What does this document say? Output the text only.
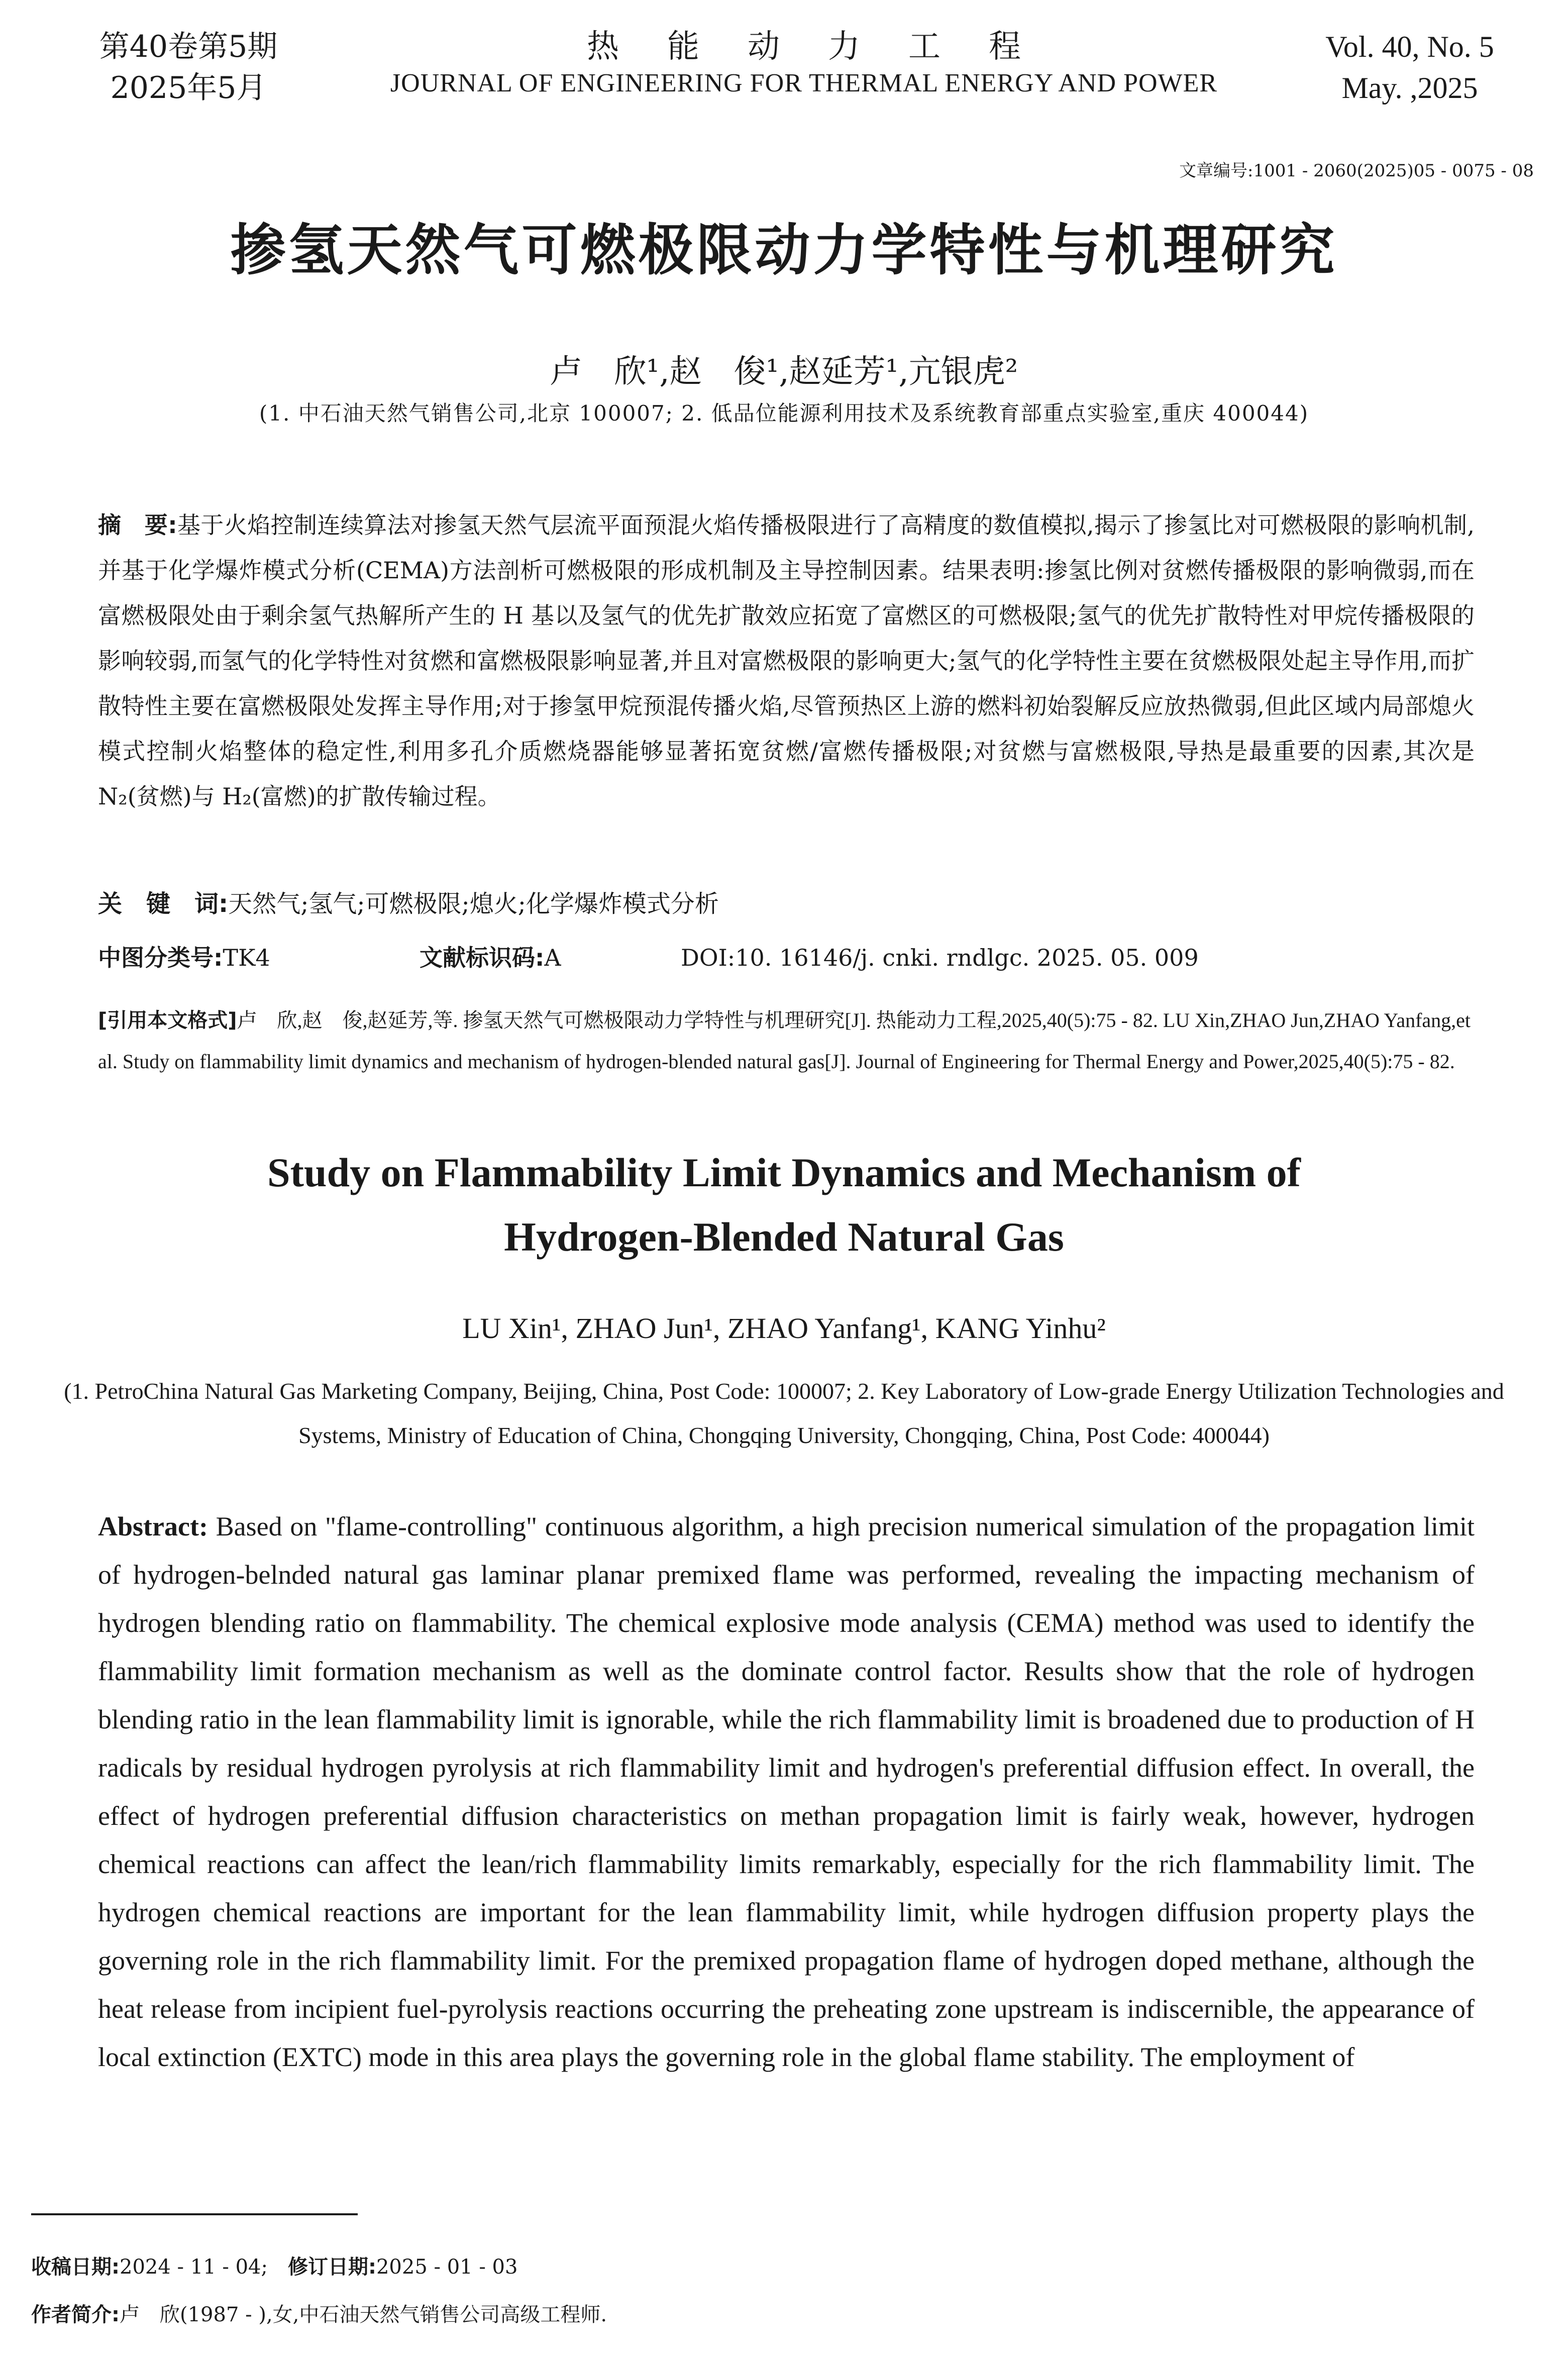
第40卷第5期
2025年5月
热能动力工程
JOURNAL OF ENGINEERING FOR THERMAL ENERGY AND POWER
Vol. 40, No. 5
May. ,2025
文章编号:1001 - 2060(2025)05 - 0075 - 08
掺氢天然气可燃极限动力学特性与机理研究
卢　欣¹,赵　俊¹,赵延芳¹,亢银虎²
(1. 中石油天然气销售公司,北京 100007; 2. 低品位能源利用技术及系统教育部重点实验室,重庆 400044)

摘　要:基于火焰控制连续算法对掺氢天然气层流平面预混火焰传播极限进行了高精度的数值模拟,揭示了掺氢比对可燃极限的影响机制,并基于化学爆炸模式分析(CEMA)方法剖析可燃极限的形成机制及主导控制因素。结果表明:掺氢比例对贫燃传播极限的影响微弱,而在富燃极限处由于剩余氢气热解所产生的 H 基以及氢气的优先扩散效应拓宽了富燃区的可燃极限;氢气的优先扩散特性对甲烷传播极限的影响较弱,而氢气的化学特性对贫燃和富燃极限影响显著,并且对富燃极限的影响更大;氢气的化学特性主要在贫燃极限处起主导作用,而扩散特性主要在富燃极限处发挥主导作用;对于掺氢甲烷预混传播火焰,尽管预热区上游的燃料初始裂解反应放热微弱,但此区域内局部熄火模式控制火焰整体的稳定性,利用多孔介质燃烧器能够显著拓宽贫燃/富燃传播极限;对贫燃与富燃极限,导热是最重要的因素,其次是 N₂(贫燃)与 H₂(富燃)的扩散传输过程。

关　键　词:天然气;氢气;可燃极限;熄火;化学爆炸模式分析
中图分类号:TK4	文献标识码:A	DOI:10. 16146/j. cnki. rndlgc. 2025. 05. 009

[引用本文格式]卢　欣,赵　俊,赵延芳,等. 掺氢天然气可燃极限动力学特性与机理研究[J]. 热能动力工程,2025,40(5):75 - 82. LU Xin,ZHAO Jun,ZHAO Yanfang,et al. Study on flammability limit dynamics and mechanism of hydrogen-blended natural gas[J]. Journal of Engineering for Thermal Energy and Power,2025,40(5):75 - 82.

Study on Flammability Limit Dynamics and Mechanism of
Hydrogen-Blended Natural Gas
LU Xin¹, ZHAO Jun¹, ZHAO Yanfang¹, KANG Yinhu²

(1. PetroChina Natural Gas Marketing Company, Beijing, China, Post Code: 100007; 2. Key Laboratory of Low-grade Energy Utilization Technologies and Systems, Ministry of Education of China, Chongqing University, Chongqing, China, Post Code: 400044)

Abstract: Based on "flame-controlling" continuous algorithm, a high precision numerical simulation of the propagation limit of hydrogen-belnded natural gas laminar planar premixed flame was performed, revealing the impacting mechanism of hydrogen blending ratio on flammability. The chemical explosive mode analysis (CEMA) method was used to identify the flammability limit formation mechanism as well as the dominate control factor. Results show that the role of hydrogen blending ratio in the lean flammability limit is ignorable, while the rich flammability limit is broadened due to production of H radicals by residual hydrogen pyrolysis at rich flammability limit and hydrogen's preferential diffusion effect. In overall, the effect of hydrogen preferential diffusion characteristics on methan propagation limit is fairly weak, however, hydrogen chemical reactions can affect the lean/rich flammability limits remarkably, especially for the rich flammability limit. The hydrogen chemical reactions are important for the lean flammability limit, while hydrogen diffusion property plays the governing role in the rich flammability limit. For the premixed propagation flame of hydrogen doped methane, although the heat release from incipient fuel-pyrolysis reactions occurring the preheating zone upstream is indiscernible, the appearance of local extinction (EXTC) mode in this area plays the governing role in the global flame stability. The employment of

收稿日期:2024 - 11 - 04; 修订日期:2025 - 01 - 03
作者简介:卢　欣(1987 - ),女,中石油天然气销售公司高级工程师.
